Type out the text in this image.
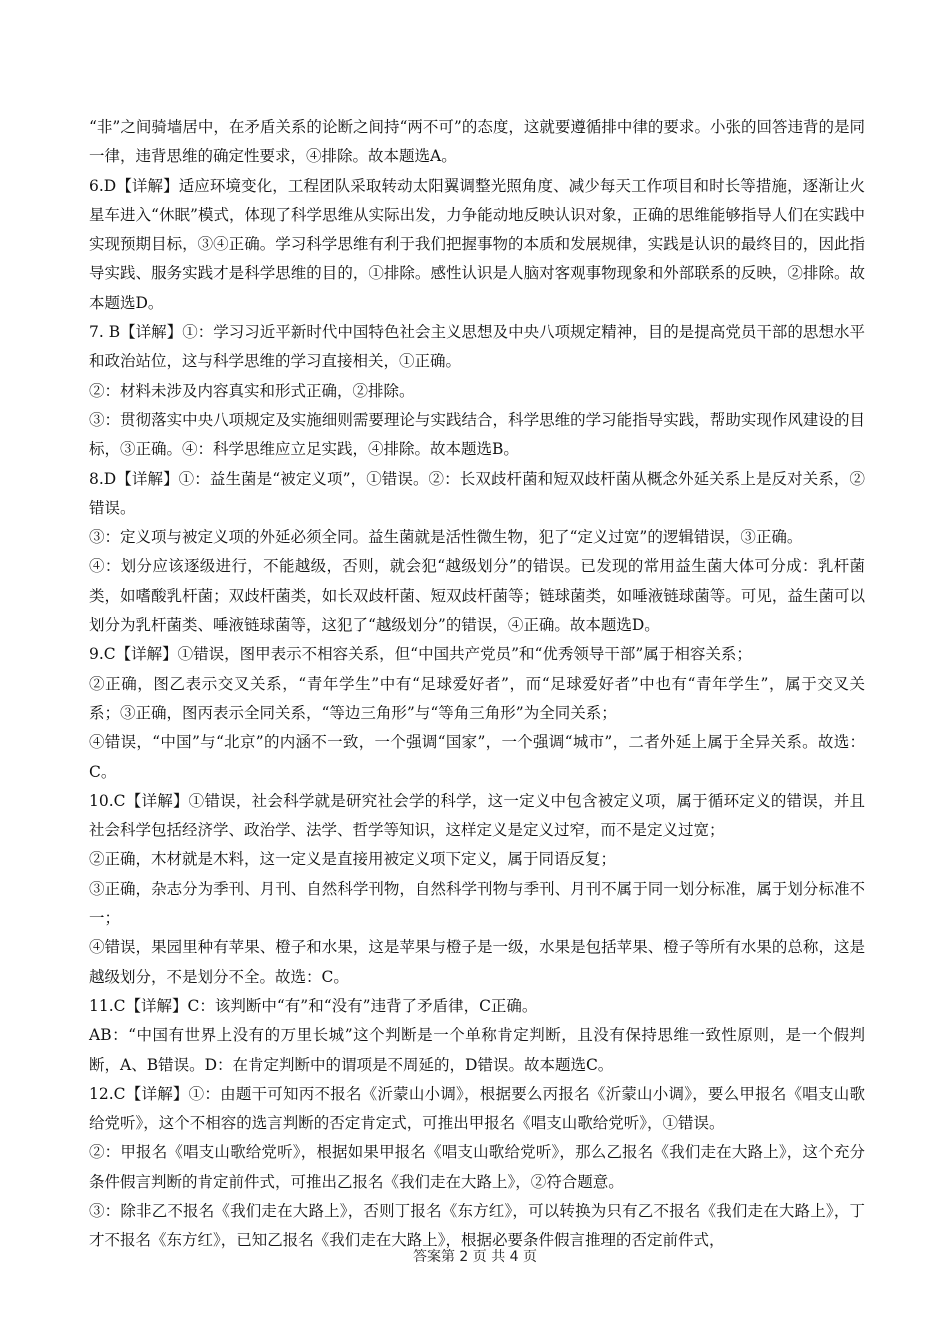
“非”之间骑墙居中，在矛盾关系的论断之间持“两不可”的态度，这就要遵循排中律的要求。小张的回答违背的是同一律，违背思维的确定性要求，④排除。故本题选A。

6.D【详解】适应环境变化，工程团队采取转动太阳翼调整光照角度、减少每天工作项目和时长等措施，逐渐让火星车进入“休眠”模式，体现了科学思维从实际出发，力争能动地反映认识对象，正确的思维能够指导人们在实践中实现预期目标，③④正确。学习科学思维有利于我们把握事物的本质和发展规律，实践是认识的最终目的，因此指导实践、服务实践才是科学思维的目的，①排除。感性认识是人脑对客观事物现象和外部联系的反映，②排除。故本题选D。

7. B【详解】①：学习习近平新时代中国特色社会主义思想及中央八项规定精神，目的是提高党员干部的思想水平和政治站位，这与科学思维的学习直接相关，①正确。

②：材料未涉及内容真实和形式正确，②排除。

③：贯彻落实中央八项规定及实施细则需要理论与实践结合，科学思维的学习能指导实践，帮助实现作风建设的目标，③正确。④：科学思维应立足实践，④排除。故本题选B。

8.D【详解】①：益生菌是“被定义项”，①错误。②：长双歧杆菌和短双歧杆菌从概念外延关系上是反对关系，②错误。

③：定义项与被定义项的外延必须全同。益生菌就是活性微生物，犯了“定义过宽”的逻辑错误，③正确。

④：划分应该逐级进行，不能越级，否则，就会犯“越级划分”的错误。已发现的常用益生菌大体可分成：乳杆菌类，如嗜酸乳杆菌；双歧杆菌类，如长双歧杆菌、短双歧杆菌等；链球菌类，如唾液链球菌等。可见，益生菌可以划分为乳杆菌类、唾液链球菌等，这犯了“越级划分”的错误，④正确。故本题选D。

9.C【详解】①错误，图甲表示不相容关系，但“中国共产党员”和“优秀领导干部”属于相容关系；

②正确，图乙表示交叉关系，“青年学生”中有“足球爱好者”，而“足球爱好者”中也有“青年学生”，属于交叉关系；③正确，图丙表示全同关系，“等边三角形”与“等角三角形”为全同关系；

④错误，“中国”与“北京”的内涵不一致，一个强调“国家”，一个强调“城市”，二者外延上属于全异关系。故选：C。

10.C【详解】①错误，社会科学就是研究社会学的科学，这一定义中包含被定义项，属于循环定义的错误，并且社会科学包括经济学、政治学、法学、哲学等知识，这样定义是定义过窄，而不是定义过宽；

②正确，木材就是木料，这一定义是直接用被定义项下定义，属于同语反复；

③正确，杂志分为季刊、月刊、自然科学刊物，自然科学刊物与季刊、月刊不属于同一划分标准，属于划分标准不一；

④错误，果园里种有苹果、橙子和水果，这是苹果与橙子是一级，水果是包括苹果、橙子等所有水果的总称，这是越级划分，不是划分不全。故选：C。

11.C【详解】C：该判断中“有”和“没有”违背了矛盾律，C正确。

AB：“中国有世界上没有的万里长城”这个判断是一个单称肯定判断，且没有保持思维一致性原则，是一个假判断，A、B错误。D：在肯定判断中的谓项是不周延的，D错误。故本题选C。

12.C【详解】①：由题干可知丙不报名《沂蒙山小调》，根据要么丙报名《沂蒙山小调》，要么甲报名《唱支山歌给党听》，这个不相容的选言判断的否定肯定式，可推出甲报名《唱支山歌给党听》，①错误。

②：甲报名《唱支山歌给党听》，根据如果甲报名《唱支山歌给党听》，那么乙报名《我们走在大路上》，这个充分条件假言判断的肯定前件式，可推出乙报名《我们走在大路上》，②符合题意。

③：除非乙不报名《我们走在大路上》，否则丁报名《东方红》，可以转换为只有乙不报名《我们走在大路上》，丁才不报名《东方红》，已知乙报名《我们走在大路上》，根据必要条件假言推理的否定前件式，

答案第 2 页 共 4 页
